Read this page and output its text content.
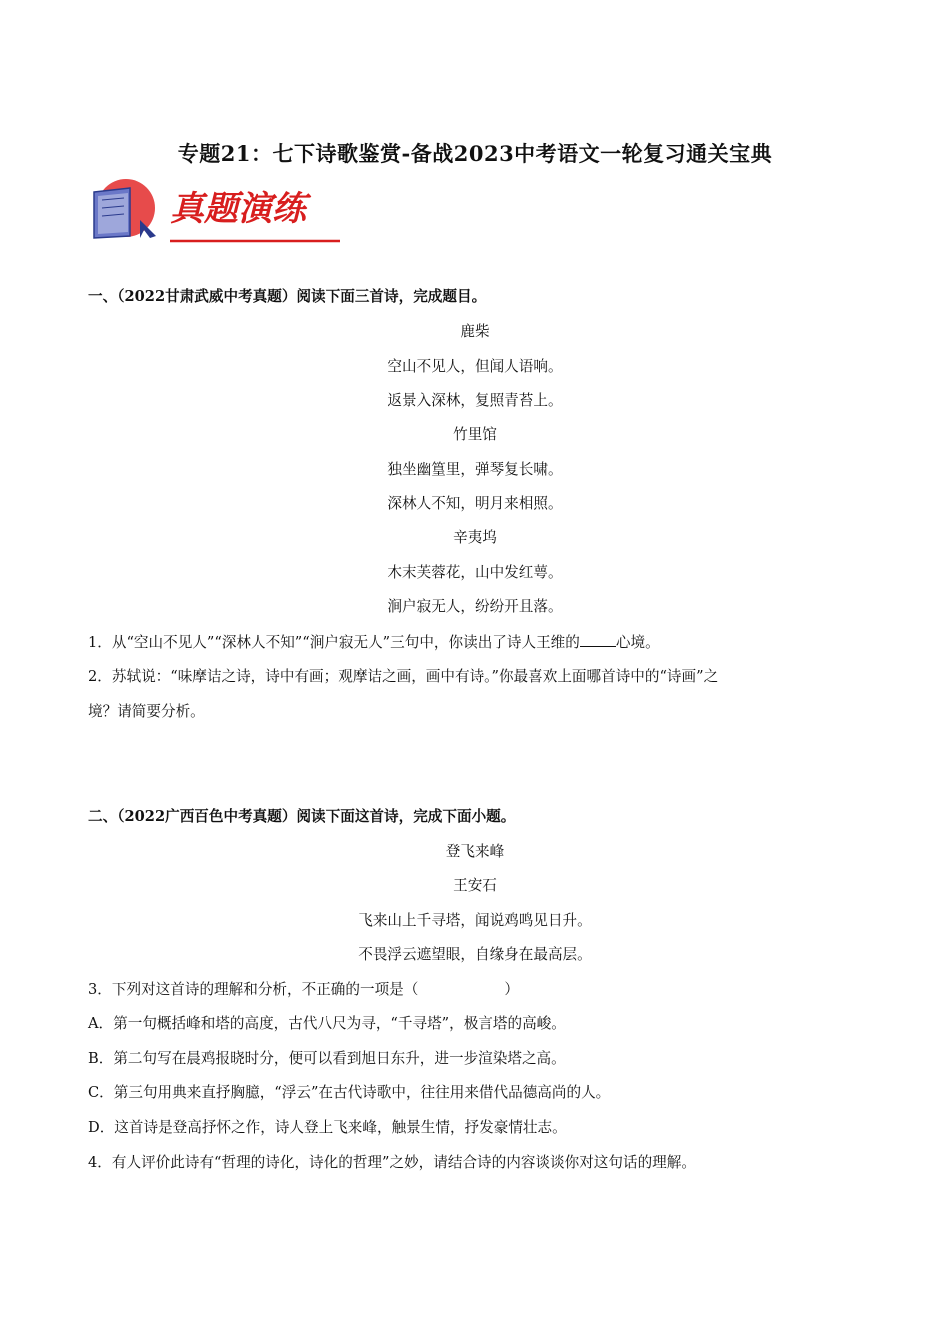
专题21：七下诗歌鉴赏-备战2023中考语文一轮复习通关宝典
真题演练
一、（2022甘肃武威中考真题）阅读下面三首诗，完成题目。
鹿柴
空山不见人，但闻人语响。
返景入深林，复照青苔上。
竹里馆
独坐幽篁里，弹琴复长啸。
深林人不知，明月来相照。
辛夷坞
木末芙蓉花，山中发红萼。
涧户寂无人，纷纷开且落。
1．从“空山不见人”“深林人不知”“涧户寂无人”三句中，你读出了诗人王维的 心境。
2．苏轼说：“味摩诘之诗，诗中有画；观摩诘之画，画中有诗。”你最喜欢上面哪首诗中的“诗画”之
境？请简要分析。
二、（2022广西百色中考真题）阅读下面这首诗，完成下面小题。
登飞来峰
王安石
飞来山上千寻塔，闻说鸡鸣见日升。
不畏浮云遮望眼，自缘身在最高层。
3．下列对这首诗的理解和分析，不正确的一项是（	）
A．第一句概括峰和塔的高度，古代八尺为寻，“千寻塔”，极言塔的高峻。
B．第二句写在晨鸡报晓时分，便可以看到旭日东升，进一步渲染塔之高。
C．第三句用典来直抒胸臆，“浮云”在古代诗歌中，往往用来借代品德高尚的人。
D．这首诗是登高抒怀之作，诗人登上飞来峰，触景生情，抒发豪情壮志。
4．有人评价此诗有“哲理的诗化，诗化的哲理”之妙，请结合诗的内容谈谈你对这句话的理解。
